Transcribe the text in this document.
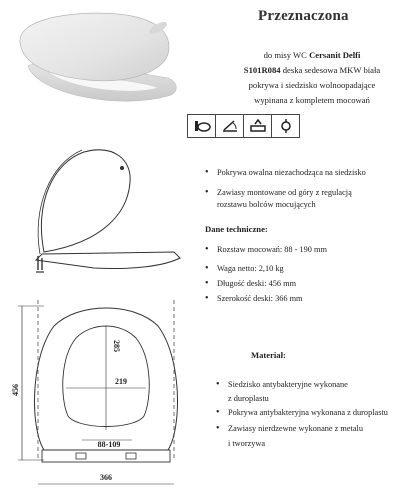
Przeznaczona
do misy WC Cersanit Delfi
S101R084 deska sedesowa MKW biała
pokrywa i siedzisko wolnoopadające
wypinana z kompletem mocowań
• Pokrywa owalna niezachodząca na siedzisko
• Zawiasy montowane od góry z regulacją
rozstawu bolców mocujących
Dane techniczne:
• Rozstaw mocowań: 88 - 190 mm
• Waga netto: 2,10 kg
• Długość deski: 456 mm
• Szerokość deski: 366 mm
456
285
219
88-109
366
Materiał:
• Siedzisko antybakteryjne wykonane
z duroplastu
• Pokrywa antybakteryjna wykonana z duroplastu
• Zawiasy nierdzewne wykonane z metalu
i tworzywa
